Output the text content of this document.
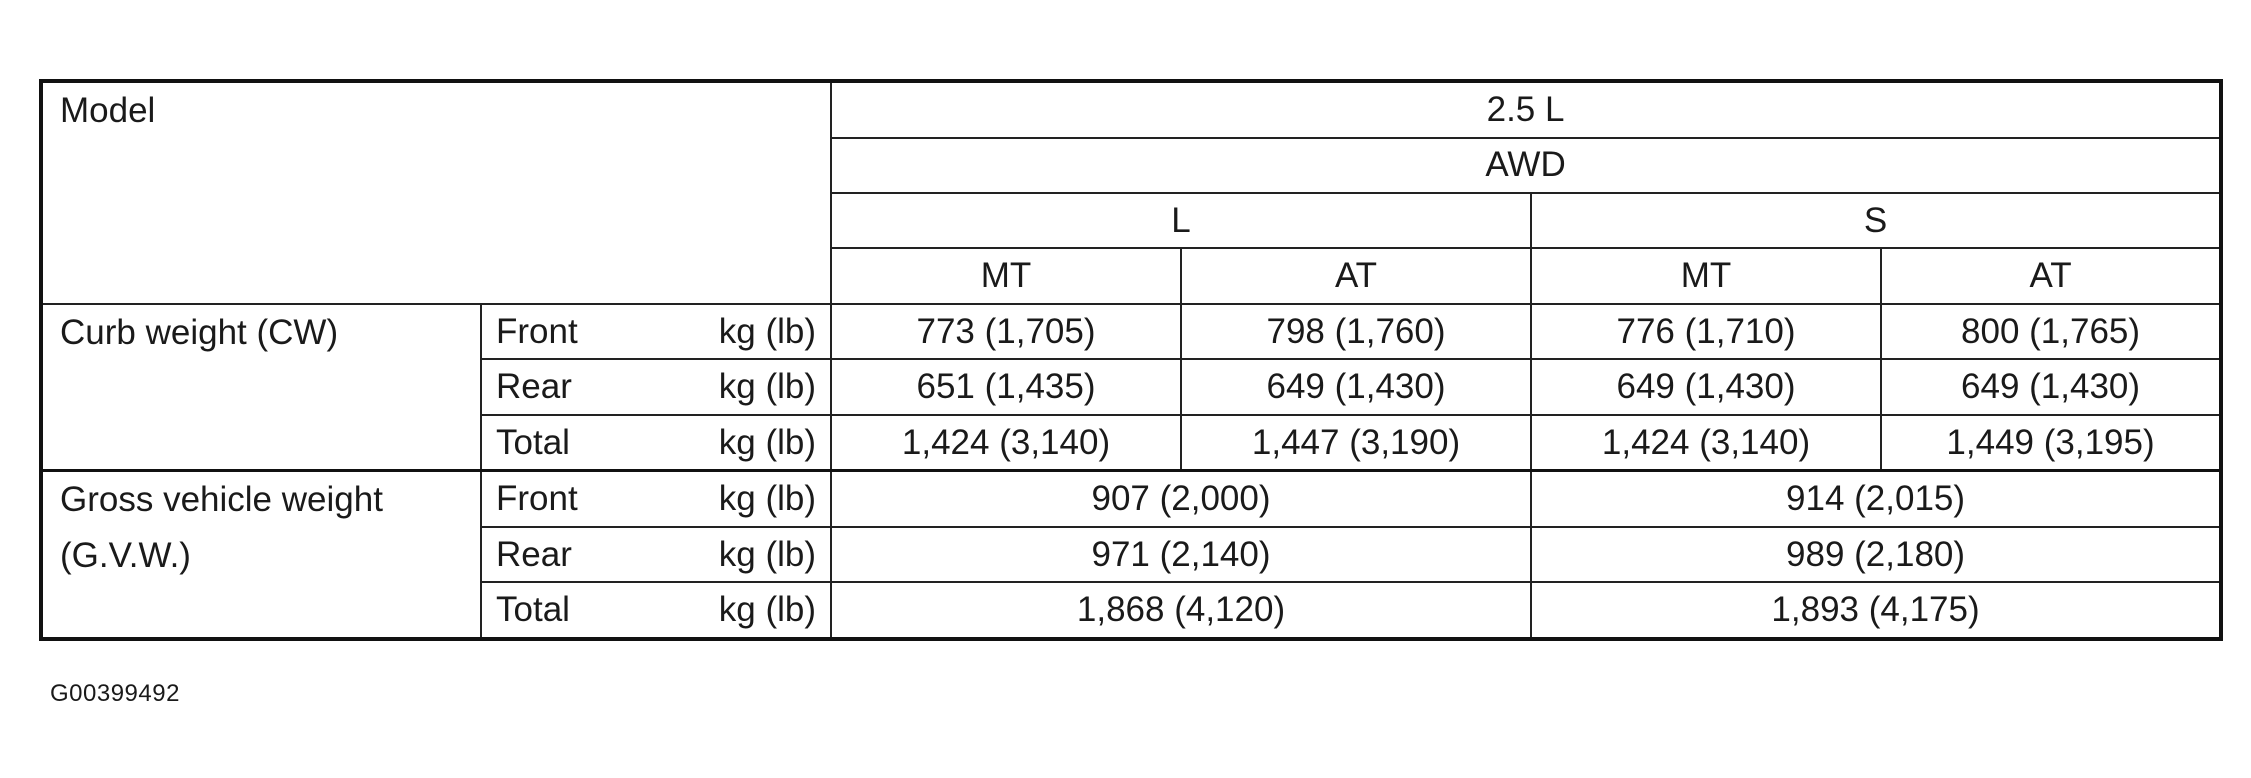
Model			2.5 L			
			AWD			
			L		S	
			MT	AT	MT	AT
Curb weight (CW)	Front	kg (lb)	773 (1,705)	798 (1,760)	776 (1,710)	800 (1,765)
	Rear	kg (lb)	651 (1,435)	649 (1,430)	649 (1,430)	649 (1,430)
	Total	kg (lb)	1,424 (3,140)	1,447 (3,190)	1,424 (3,140)	1,449 (3,195)
Gross vehicle weight
(G.V.W.)	Front	kg (lb)	907 (2,000)		914 (2,015)	
	Rear	kg (lb)	971 (2,140)		989 (2,180)	
	Total	kg (lb)	1,868 (4,120)		1,893 (4,175)	
G00399492
